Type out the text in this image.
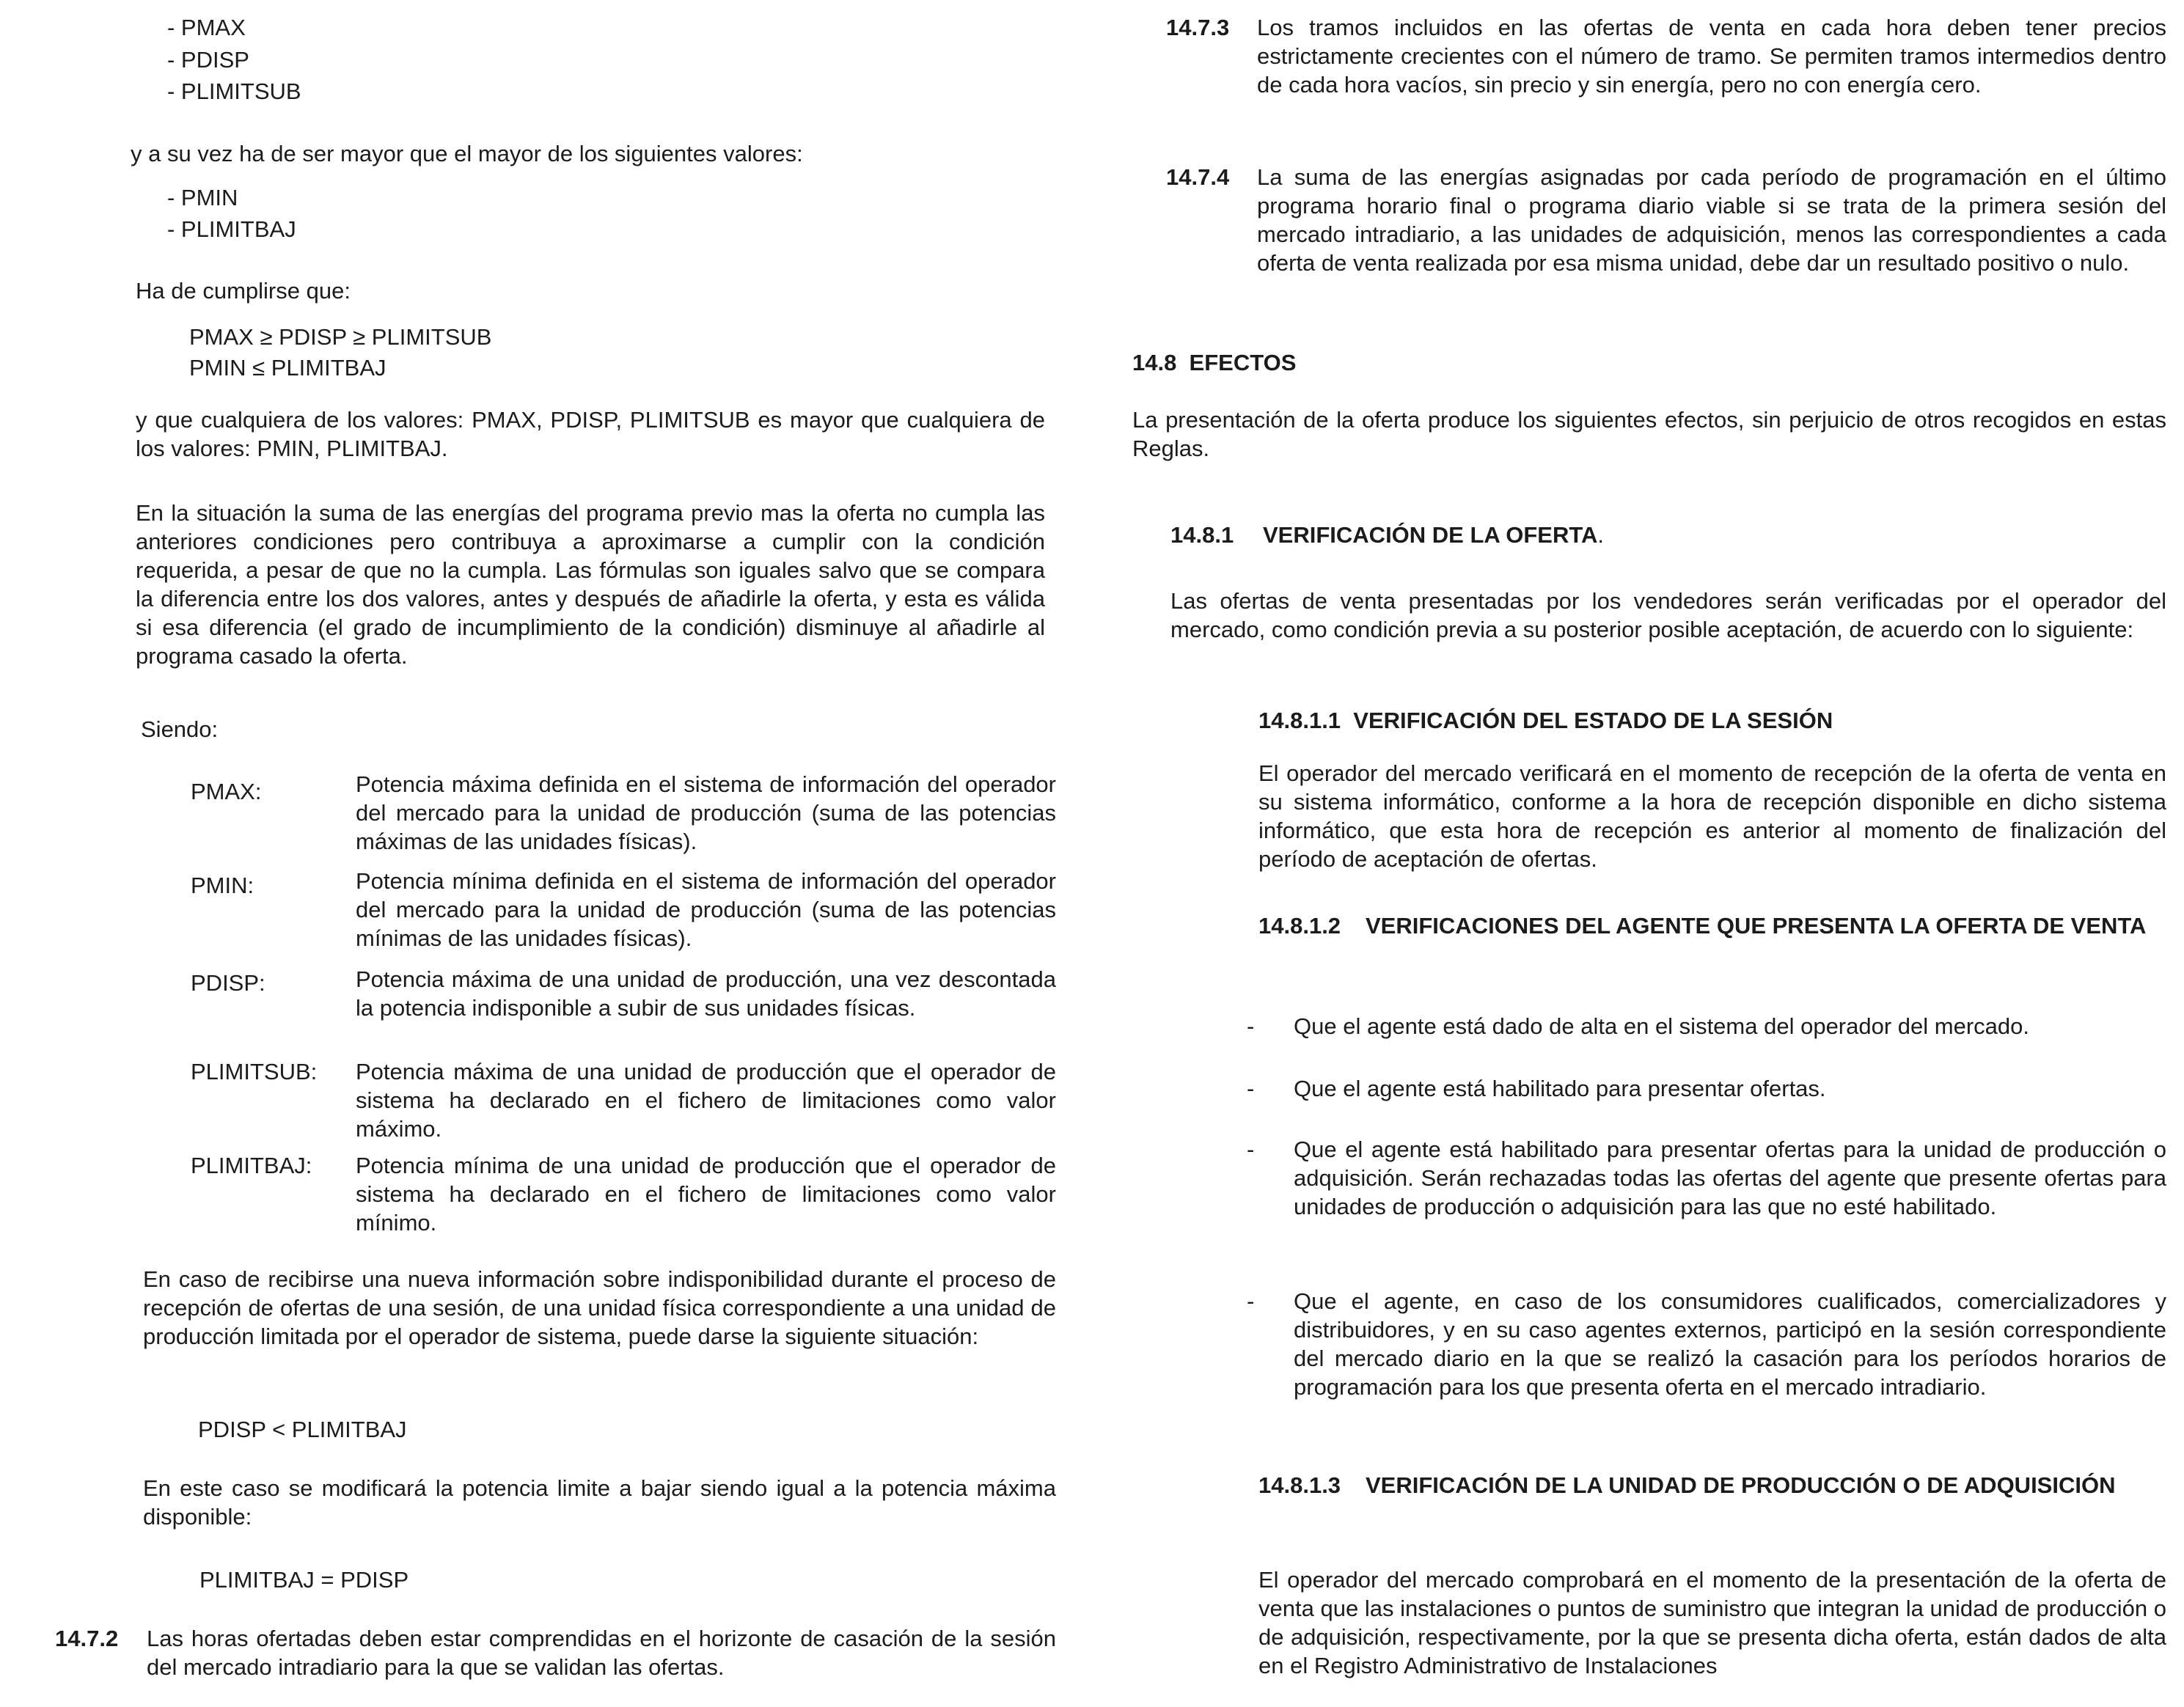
- PMAX

- PDISP

- PLIMITSUB

y a su vez ha de ser mayor que el mayor de los siguientes valores:

- PMIN

- PLIMITBAJ

Ha de cumplirse que:

PMAX ≥ PDISP ≥ PLIMITSUB

PMIN ≤ PLIMITBAJ

y que cualquiera de los valores: PMAX, PDISP, PLIMITSUB es mayor que cualquiera de los valores: PMIN, PLIMITBAJ.

En la situación la suma de las energías del programa previo mas la oferta no cumpla las anteriores condiciones pero contribuya a aproximarse a cumplir con la condición requerida, a pesar de que no la cumpla. Las fórmulas son iguales salvo que se compara la diferencia entre los dos valores, antes y después de añadirle la oferta, y esta es válida si esa diferencia (el grado de incumplimiento de la condición) disminuye al añadirle al programa casado la oferta.

Siendo:

PMAX:	Potencia máxima definida en el sistema de información del operador del mercado para la unidad de producción (suma de las potencias máximas de las unidades físicas).

PMIN:	Potencia mínima definida en el sistema de información del operador del mercado para la unidad de producción (suma de las potencias mínimas de las unidades físicas).

PDISP:	Potencia máxima de una unidad de producción, una vez descontada la potencia indisponible a subir de sus unidades físicas.

PLIMITSUB: Potencia máxima de una unidad de producción que el operador de sistema ha declarado en el fichero de limitaciones como valor máximo.

PLIMITBAJ: Potencia mínima de una unidad de producción que el operador de sistema ha declarado en el fichero de limitaciones como valor mínimo.

En caso de recibirse una nueva información sobre indisponibilidad durante el proceso de recepción de ofertas de una sesión, de una unidad física correspondiente a una unidad de producción limitada por el operador de sistema, puede darse la siguiente situación:

PDISP < PLIMITBAJ

En este caso se modificará la potencia limite a bajar siendo igual a la potencia máxima disponible:

PLIMITBAJ = PDISP

14.7.2 Las horas ofertadas deben estar comprendidas en el horizonte de casación de la sesión del mercado intradiario para la que se validan las ofertas.

14.7.3 Los tramos incluidos en las ofertas de venta en cada hora deben tener precios estrictamente crecientes con el número de tramo. Se permiten tramos intermedios dentro de cada hora vacíos, sin precio y sin energía, pero no con energía cero.

14.7.4 La suma de las energías asignadas por cada período de programación en el último programa horario final o programa diario viable si se trata de la primera sesión del mercado intradiario, a las unidades de adquisición, menos las correspondientes a cada oferta de venta realizada por esa misma unidad, debe dar un resultado positivo o nulo.

14.8  EFECTOS

La presentación de la oferta produce los siguientes efectos, sin perjuicio de otros recogidos en estas Reglas.

14.8.1 VERIFICACIÓN DE LA OFERTA.

Las ofertas de venta presentadas por los vendedores serán verificadas por el operador del mercado, como condición previa a su posterior posible aceptación, de acuerdo con lo siguiente:

14.8.1.1  VERIFICACIÓN DEL ESTADO DE LA SESIÓN

El operador del mercado verificará en el momento de recepción de la oferta de venta en su sistema informático, conforme a la hora de recepción disponible en dicho sistema informático, que esta hora de recepción es anterior al momento de finalización del período de aceptación de ofertas.

14.8.1.2 VERIFICACIONES DEL AGENTE QUE PRESENTA LA OFERTA DE VENTA

- Que el agente está dado de alta en el sistema del operador del mercado.

- Que el agente está habilitado para presentar ofertas.

- Que el agente está habilitado para presentar ofertas para la unidad de producción o adquisición. Serán rechazadas todas las ofertas del agente que presente ofertas para unidades de producción o adquisición para las que no esté habilitado.

- Que el agente, en caso de los consumidores cualificados, comercializadores y distribuidores, y en su caso agentes externos, participó en la sesión correspondiente del mercado diario en la que se realizó la casación para los períodos horarios de programación para los que presenta oferta en el mercado intradiario.

14.8.1.3 VERIFICACIÓN DE LA UNIDAD DE PRODUCCIÓN O DE ADQUISICIÓN

El operador del mercado comprobará en el momento de la presentación de la oferta de venta que las instalaciones o puntos de suministro que integran la unidad de producción o de adquisición, respectivamente, por la que se presenta dicha oferta, están dados de alta en el Registro Administrativo de Instalaciones
